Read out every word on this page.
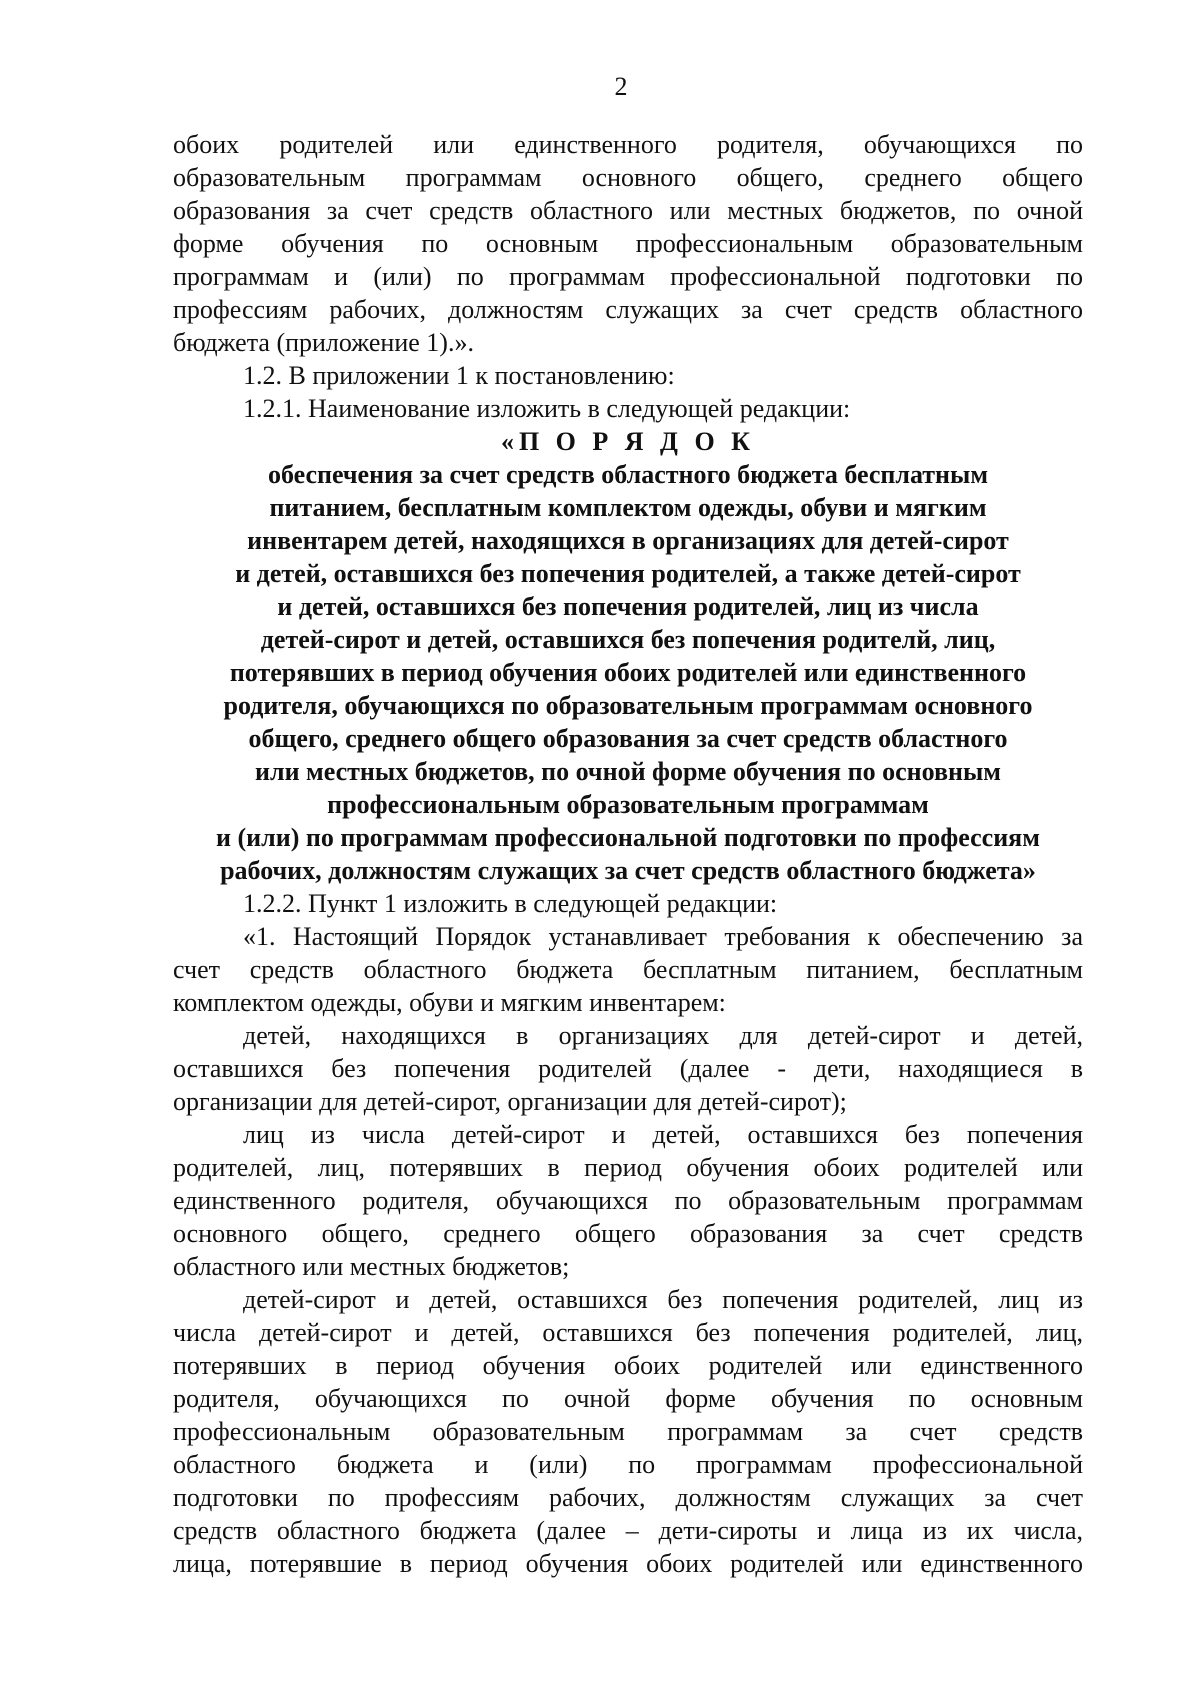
2

обоих родителей или единственного родителя, обучающихся по

образовательным программам основного общего, среднего общего

образования за счет средств областного или местных бюджетов, по очной

форме обучения по основным профессиональным образовательным

программам и (или) по программам профессиональной подготовки по

профессиям рабочих, должностям служащих за счет средств областного

бюджета (приложение 1).».

1.2. В приложении 1 к постановлению:

1.2.1. Наименование изложить в следующей редакции:

«П О Р Я Д О К

обеспечения за счет средств областного бюджета бесплатным

питанием, бесплатным комплектом одежды, обуви и мягким

инвентарем детей, находящихся в организациях для детей-сирот

и детей, оставшихся без попечения родителей, а также детей-сирот

и детей, оставшихся без попечения родителей, лиц из числа

детей-сирот и детей, оставшихся без попечения родителй, лиц,

потерявших в период обучения обоих родителей или единственного

родителя, обучающихся по образовательным программам основного

общего, среднего общего образования за счет средств областного

или местных бюджетов, по очной форме обучения по основным

профессиональным образовательным программам

и (или) по программам профессиональной подготовки по профессиям

рабочих, должностям служащих за счет средств областного бюджета»

1.2.2. Пункт 1 изложить в следующей редакции:

«1. Настоящий Порядок устанавливает требования к обеспечению за

счет средств областного бюджета бесплатным питанием, бесплатным

комплектом одежды, обуви и мягким инвентарем:

детей, находящихся в организациях для детей-сирот и детей,

оставшихся без попечения родителей (далее - дети, находящиеся в

организации для детей-сирот, организации для детей-сирот);

лиц из числа детей-сирот и детей, оставшихся без попечения

родителей, лиц, потерявших в период обучения обоих родителей или

единственного родителя, обучающихся по образовательным программам

основного общего, среднего общего образования за счет средств

областного или местных бюджетов;

детей-сирот и детей, оставшихся без попечения родителей, лиц из

числа детей-сирот и детей, оставшихся без попечения родителей, лиц,

потерявших в период обучения обоих родителей или единственного

родителя, обучающихся по очной форме обучения по основным

профессиональным образовательным программам за счет средств

областного бюджета и (или) по программам профессиональной

подготовки по профессиям рабочих, должностям служащих за счет

средств областного бюджета (далее – дети-сироты и лица из их числа,

лица, потерявшие в период обучения обоих родителей или единственного
